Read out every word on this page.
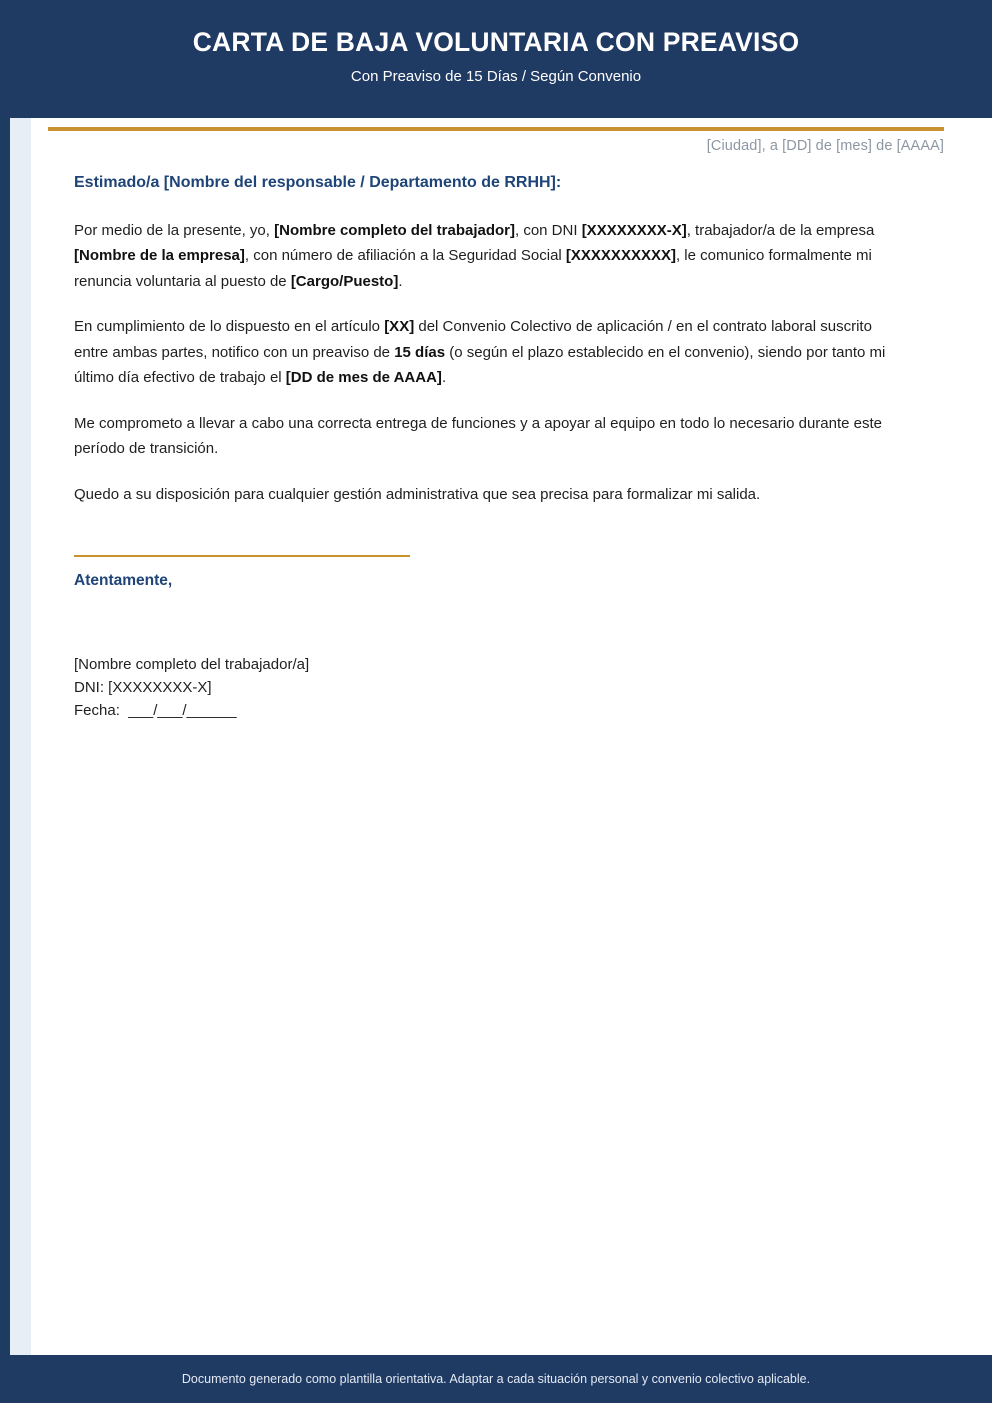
CARTA DE BAJA VOLUNTARIA CON PREAVISO
Con Preaviso de 15 Días / Según Convenio
[Ciudad], a [DD] de [mes] de [AAAA]
Estimado/a [Nombre del responsable / Departamento de RRHH]:

Por medio de la presente, yo, [Nombre completo del trabajador], con DNI [XXXXXXXX-X], trabajador/a de la empresa [Nombre de la empresa], con número de afiliación a la Seguridad Social [XXXXXXXXXX], le comunico formalmente mi renuncia voluntaria al puesto de [Cargo/Puesto].

En cumplimiento de lo dispuesto en el artículo [XX] del Convenio Colectivo de aplicación / en el contrato laboral suscrito entre ambas partes, notifico con un preaviso de 15 días (o según el plazo establecido en el convenio), siendo por tanto mi último día efectivo de trabajo el [DD de mes de AAAA].

Me comprometo a llevar a cabo una correcta entrega de funciones y a apoyar al equipo en todo lo necesario durante este período de transición.

Quedo a su disposición para cualquier gestión administrativa que sea precisa para formalizar mi salida.

Atentamente,
[Nombre completo del trabajador/a]
DNI: [XXXXXXXX-X]
Fecha:  ___/___/______
Documento generado como plantilla orientativa. Adaptar a cada situación personal y convenio colectivo aplicable.
